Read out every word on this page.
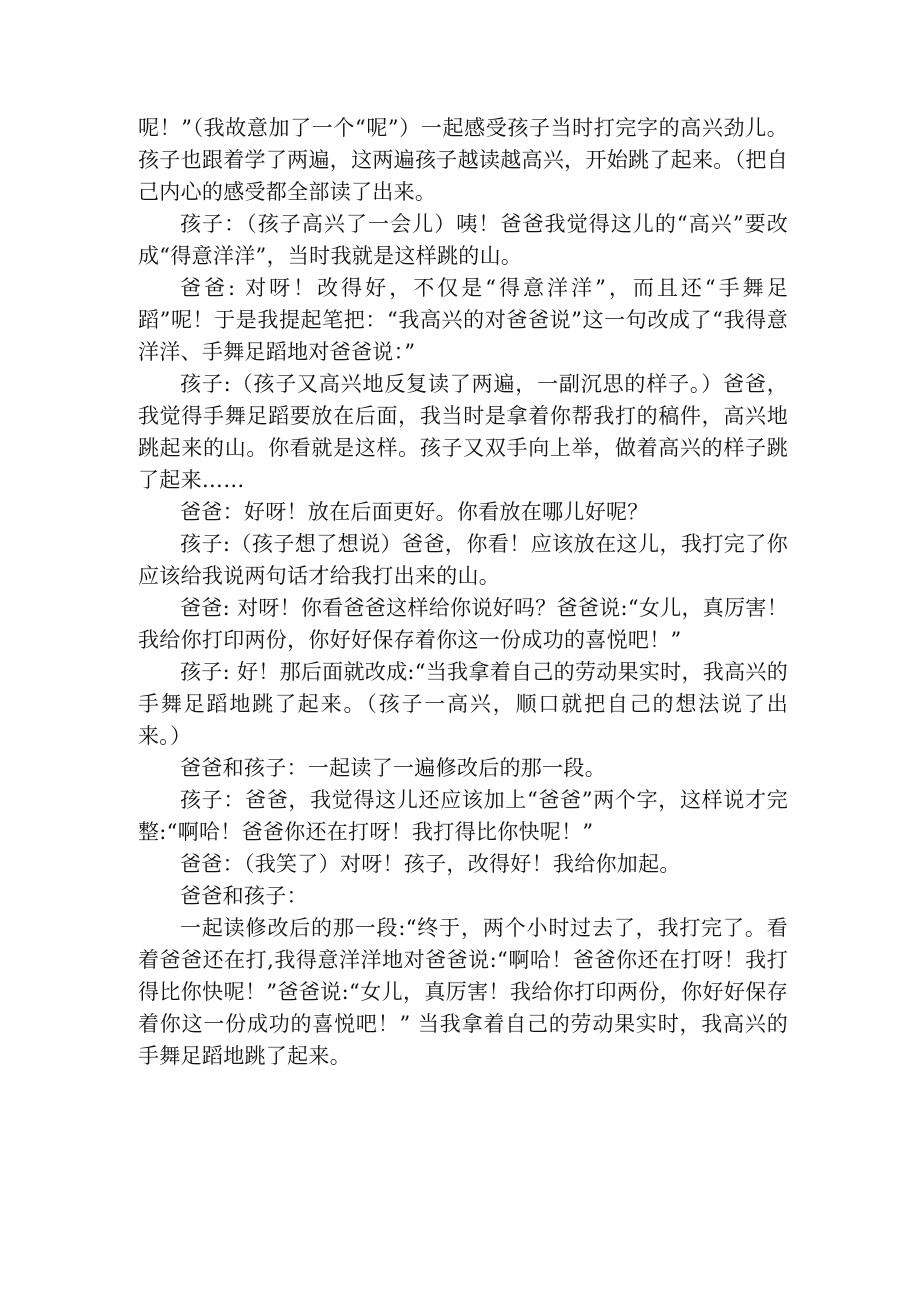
呢！”（我故意加了一个“呢”）一起感受孩子当时打完字的高兴劲儿。孩子也跟着学了两遍，这两遍孩子越读越高兴，开始跳了起来。（把自己内心的感受都全部读了出来。

孩子：（孩子高兴了一会儿）咦！爸爸我觉得这儿的“高兴”要改成“得意洋洋”，当时我就是这样跳的山。

爸爸: 对呀！改得好，不仅是“得意洋洋”，而且还“手舞足蹈”呢！于是我提起笔把：“我高兴的对爸爸说”这一句改成了“我得意洋洋、手舞足蹈地对爸爸说：”

孩子:（孩子又高兴地反复读了两遍，一副沉思的样子。）爸爸，我觉得手舞足蹈要放在后面，我当时是拿着你帮我打的稿件，高兴地跳起来的山。你看就是这样。孩子又双手向上举，做着高兴的样子跳了起来……

爸爸：好呀！放在后面更好。你看放在哪儿好呢？

孩子:（孩子想了想说）爸爸，你看！应该放在这儿，我打完了你应该给我说两句话才给我打出来的山。

爸爸: 对呀！你看爸爸这样给你说好吗？爸爸说:“女儿，真厉害！我给你打印两份，你好好保存着你这一份成功的喜悦吧！”

孩子: 好！那后面就改成:“当我拿着自己的劳动果实时，我高兴的手舞足蹈地跳了起来。（孩子一高兴，顺口就把自己的想法说了出来。）

爸爸和孩子：一起读了一遍修改后的那一段。

孩子：爸爸，我觉得这儿还应该加上“爸爸”两个字，这样说才完整:“啊哈！爸爸你还在打呀！我打得比你快呢！”

爸爸：（我笑了）对呀！孩子，改得好！我给你加起。

爸爸和孩子：

一起读修改后的那一段:“终于，两个小时过去了，我打完了。看着爸爸还在打,我得意洋洋地对爸爸说:“啊哈！爸爸你还在打呀！我打得比你快呢！”爸爸说:“女儿，真厉害！我给你打印两份，你好好保存着你这一份成功的喜悦吧！” 当我拿着自己的劳动果实时，我高兴的手舞足蹈地跳了起来。
